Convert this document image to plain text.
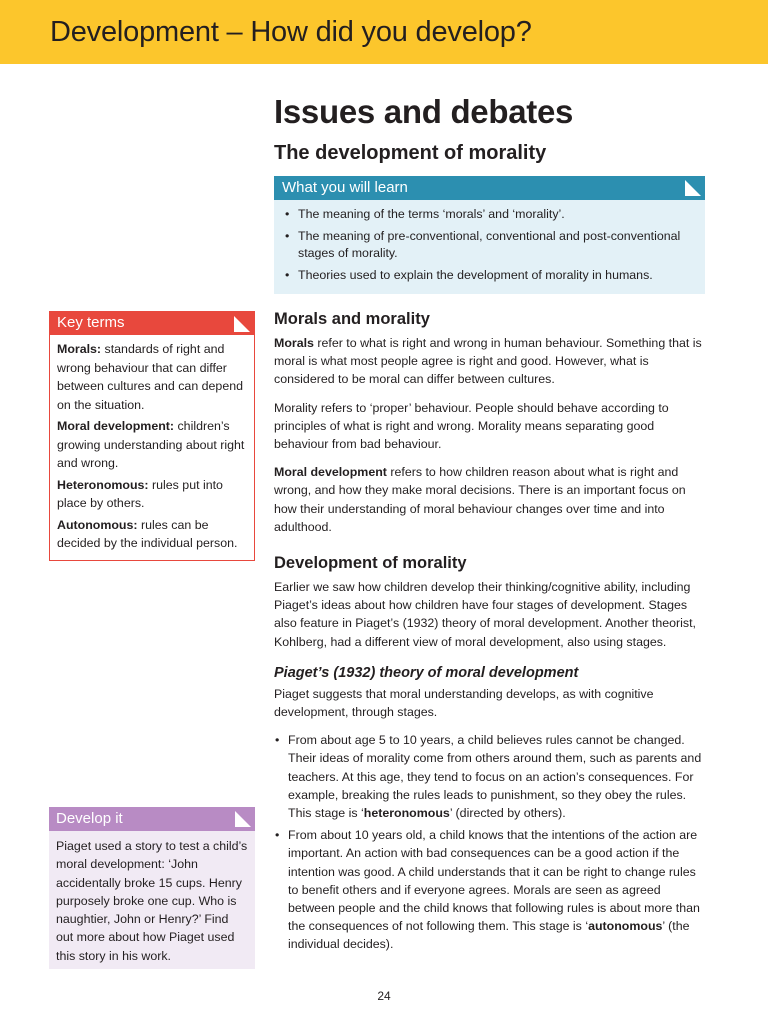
Development – How did you develop?
Issues and debates
The development of morality
What you will learn
• The meaning of the terms ‘morals’ and ‘morality’.
• The meaning of pre-conventional, conventional and post-conventional stages of morality.
• Theories used to explain the development of morality in humans.
Morals and morality

Morals refer to what is right and wrong in human behaviour. Something that is moral is what most people agree is right and good. However, what is considered to be moral can differ between cultures.

Morality refers to ‘proper’ behaviour. People should behave according to principles of what is right and wrong. Morality means separating good behaviour from bad behaviour.

Moral development refers to how children reason about what is right and wrong, and how they make moral decisions. There is an important focus on how their understanding of moral behaviour changes over time and into adulthood.

Development of morality

Earlier we saw how children develop their thinking/cognitive ability, including Piaget’s ideas about how children have four stages of development. Stages also feature in Piaget’s (1932) theory of moral development. Another theorist, Kohlberg, had a different view of moral development, also using stages.

Piaget’s (1932) theory of moral development

Piaget suggests that moral understanding develops, as with cognitive development, through stages.

• From about age 5 to 10 years, a child believes rules cannot be changed. Their ideas of morality come from others around them, such as parents and teachers. At this age, they tend to focus on an action’s consequences. For example, breaking the rules leads to punishment, so they obey the rules. This stage is ‘heteronomous’ (directed by others).
• From about 10 years old, a child knows that the intentions of the action are important. An action with bad consequences can be a good action if the intention was good. A child understands that it can be right to change rules to benefit others and if everyone agrees. Morals are seen as agreed between people and the child knows that following rules is about more than the consequences of not following them. This stage is ‘autonomous’ (the individual decides).
Key terms

Morals: standards of right and wrong behaviour that can differ between cultures and can depend on the situation.

Moral development: children’s growing understanding about right and wrong.

Heteronomous: rules put into place by others.

Autonomous: rules can be decided by the individual person.

Develop it

Piaget used a story to test a child’s moral development: ‘John accidentally broke 15 cups. Henry purposely broke one cup. Who is naughtier, John or Henry?’ Find out more about how Piaget used this story in his work.

24
